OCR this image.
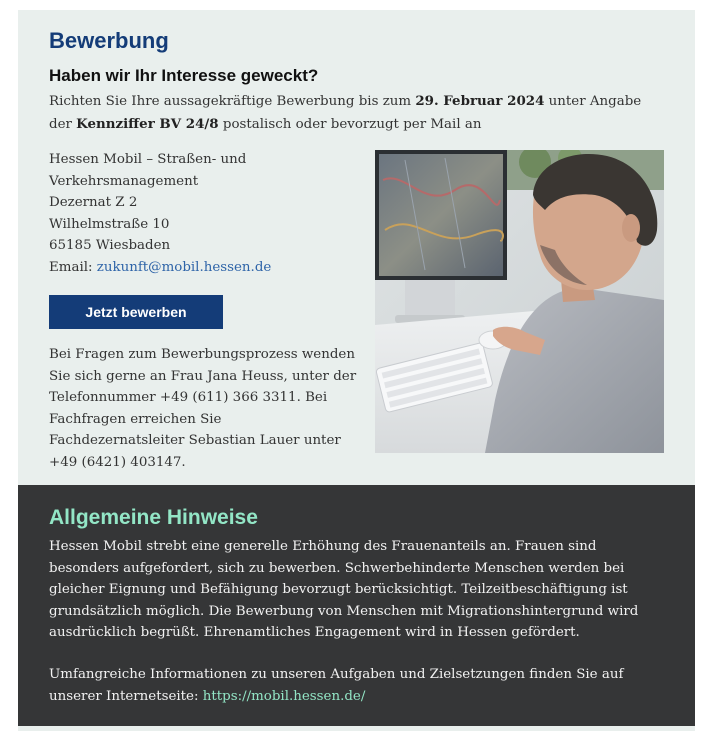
Bewerbung
Haben wir Ihr Interesse geweckt?
Richten Sie Ihre aussagekräftige Bewerbung bis zum 29. Februar 2024 unter Angabe der Kennziffer BV 24/8 postalisch oder bevorzugt per Mail an
Hessen Mobil – Straßen- und
Verkehrsmanagement
Dezernat Z 2
Wilhelmstraße 10
65185 Wiesbaden
Email: zukunft@mobil.hessen.de
Jetzt bewerben
Bei Fragen zum Bewerbungsprozess wenden Sie sich gerne an Frau Jana Heuss, unter der Telefonnummer +49 (611) 366 3311. Bei Fachfragen erreichen Sie Fachdezernatsleiter Sebastian Lauer unter +49 (6421) 403147.
Allgemeine Hinweise

Hessen Mobil strebt eine generelle Erhöhung des Frauenanteils an. Frauen sind besonders aufgefordert, sich zu bewerben. Schwerbehinderte Menschen werden bei gleicher Eignung und Befähigung bevorzugt berücksichtigt. Teilzeitbeschäftigung ist grundsätzlich möglich. Die Bewerbung von Menschen mit Migrationshintergrund wird ausdrücklich begrüßt. Ehrenamtliches Engagement wird in Hessen gefördert.

Umfangreiche Informationen zu unseren Aufgaben und Zielsetzungen finden Sie auf unserer Internetseite: https://mobil.hessen.de/
